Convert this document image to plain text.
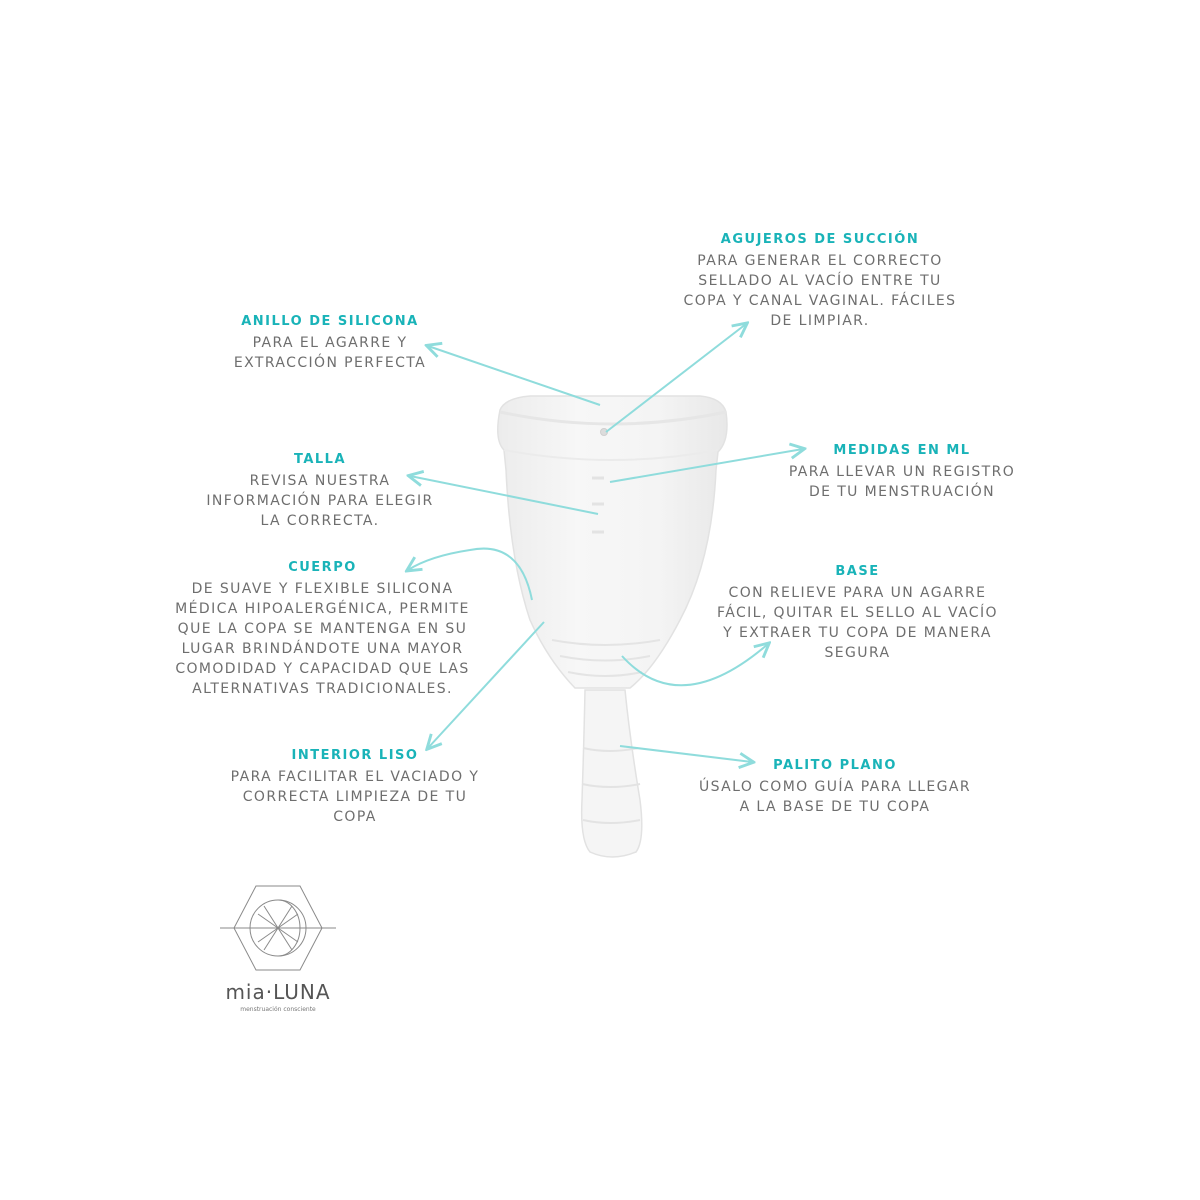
AGUJEROS DE SUCCIÓN
PARA GENERAR EL CORRECTO
SELLADO AL VACÍO ENTRE TU
COPA Y CANAL VAGINAL. FÁCILES
DE LIMPIAR.
ANILLO DE SILICONA
PARA EL AGARRE Y
EXTRACCIÓN PERFECTA
TALLA
REVISA NUESTRA
INFORMACIÓN PARA ELEGIR
LA CORRECTA.
MEDIDAS EN ML
PARA LLEVAR UN REGISTRO
DE TU MENSTRUACIÓN
CUERPO
DE SUAVE Y FLEXIBLE SILICONA
MÉDICA HIPOALERGÉNICA, PERMITE
QUE LA COPA SE MANTENGA EN SU
LUGAR BRINDÁNDOTE UNA MAYOR
COMODIDAD Y CAPACIDAD QUE LAS
ALTERNATIVAS TRADICIONALES.
BASE
CON RELIEVE PARA UN AGARRE
FÁCIL, QUITAR EL SELLO AL VACÍO
Y EXTRAER TU COPA DE MANERA
SEGURA
INTERIOR LISO
PARA FACILITAR EL VACIADO Y
CORRECTA LIMPIEZA DE TU
COPA
PALITO PLANO
ÚSALO COMO GUÍA PARA LLEGAR
A LA BASE DE TU COPA
mia·LUNA
menstruación consciente
